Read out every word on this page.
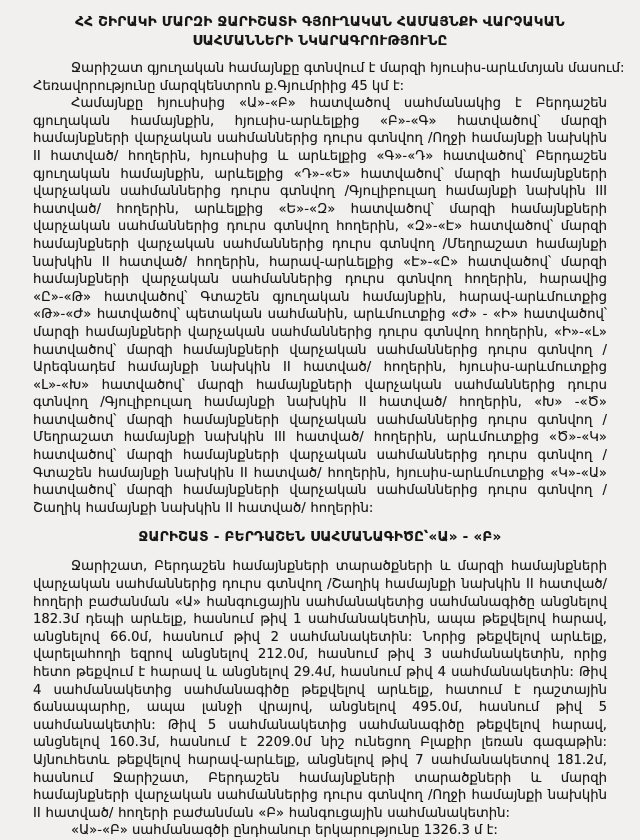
ՀՀ ՇԻՐԱԿԻ ՄԱՐԶԻ ՋԱՐԻՇԱՏԻ ԳՅՈՒՂԱԿԱՆ ՀԱՄԱՅՆՔԻ ՎԱՐՉԱԿԱՆ
ՍԱՀՄԱՆՆԵՐԻ ՆԿԱՐԱԳՐՈՒԹՅՈՒՆԸ
Ջարիշատ գյուղական համայնքը գտնվում է մարզի հյուսիս-արևմտյան մասում:
Հեռավորությունը մարզկենտրոն ք.Գյումրիից 45 կմ է:

Համայնքը հյուսիսից «Ա»-«Բ» հատվածով սահմանակից է Բերդաշեն գյուղական համայնքին, հյուսիս-արևելքից «Բ»-«Գ» հատվածով՝ մարզի համայնքների վարչական սահմաններից դուրս գտնվող /Ողջի համայնքի նախկին II հատված/ հողերին, հյուսիսից և արևելքից «Գ»-«Դ» հատվածով՝ Բերդաշեն գյուղական համայնքին, արևելքից «Դ»-«Ե» հատվածով՝ մարզի համայնքների վարչական սահմաններից դուրս գտնվող /Գյուլիբուլաղ համայնքի նախկին III հատված/ հողերին, արևելքից «Ե»-«Զ» հատվածով՝ մարզի համայնքների վարչական սահմաններից դուրս գտնվող հողերին, «Զ»-«Է» հատվածով՝ մարզի համայնքների վարչական սահմաններից դուրս գտնվող /Մեղրաշատ համայնքի նախկին II հատված/ հողերին, հարավ-արևելքից «Է»-«Ը» հատվածով՝ մարզի համայնքների վարչական սահմաններից դուրս գտնվող հողերին, հարավից «Ը»-«Թ» հատվածով՝ Գտաշեն գյուղական համայնքին, հարավ-արևմուտքից «Թ»-«Ժ» հատվածով՝ պետական սահմանին, արևմուտքից «Ժ» - «Ի» հատվածով՝ մարզի համայնքների վարչական սահմաններից դուրս գտնվող հողերին, «Ի»-«Լ» հատվածով՝ մարզի համայնքների վարչական սահմաններից դուրս գտնվող /Արեգնադեմ համայնքի նախկին II հատված/ հողերին, հյուսիս-արևմուտքից «Լ»-«Խ» հատվածով՝ մարզի համայնքների վարչական սահմաններից դուրս գտնվող /Գյուլիբուլաղ համայնքի նախկին II հատված/ հողերին, «Խ» -«Ծ» հատվածով՝ մարզի համայնքների վարչական սահմաններից դուրս գտնվող /Մեղրաշատ համայնքի նախկին III հատված/ հողերին, արևմուտքից «Ծ»-«Կ» հատվածով՝ մարզի համայնքների վարչական սահմաններից դուրս գտնվող /Գտաշեն համայնքի նախկին II հատված/ հողերին, հյուսիս-արևմուտքից «Կ»-«Ա» հատվածով՝ մարզի համայնքների վարչական սահմաններից դուրս գտնվող /Շաղիկ համայնքի նախկին II հատված/ հողերին:

ՋԱՐԻՇԱՏ - ԲԵՐԴԱՇԵՆ ՍԱՀՄԱՆԱԳԻԾԸ՝«Ա» - «Բ»

Ջարիշատ, Բերդաշեն համայնքների տարածքների և մարզի համայնքների վարչական սահմաններից դուրս գտնվող /Շաղիկ համայնքի նախկին II հատված/ հողերի բաժանման «Ա» հանգուցային սահմանակետից սահմանագիծը անցնելով 182.3մ դեպի արևելք, հասնում թիվ 1 սահմանակետին, ապա թեքվելով հարավ, անցնելով 66.0մ, հասնում թիվ 2 սահմանակետին: Նորից թեքվելով արևելք, վարելահողի եզրով անցնելով 212.0մ, հասնում թիվ 3 սահմանակետին, որից հետո թեքվում է հարավ և անցնելով 29.4մ, հասնում թիվ 4 սահմանակետին: Թիվ 4 սահմանակետից սահմանագիծը թեքվելով արևելք, հատում է դաշտային ճանապարհը, ապա լանջի վրայով, անցնելով 495.0մ, հասնում թիվ 5 սահմանակետին: Թիվ 5 սահմանակետից սահմանագիծը թեքվելով հարավ, անցնելով 160.3մ, հասնում է 2209.0մ նիշ ունեցող Բլաքիր լեռան գագաթին: Այնուհետև թեքվելով հարավ-արևելք, անցնելով թիվ 7 սահմանակետով 181.2մ, հասնում Ջարիշատ, Բերդաշեն համայնքների տարածքների և մարզի համայնքների վարչական սահմաններից դուրս գտնվող /Ողջի համայնքի նախկին II հատված/ հողերի բաժանման «Բ» հանգուցային սահմանակետին:

«Ա»-«Բ» սահմանագծի ընդհանուր երկարությունը 1326.3 մ է:
